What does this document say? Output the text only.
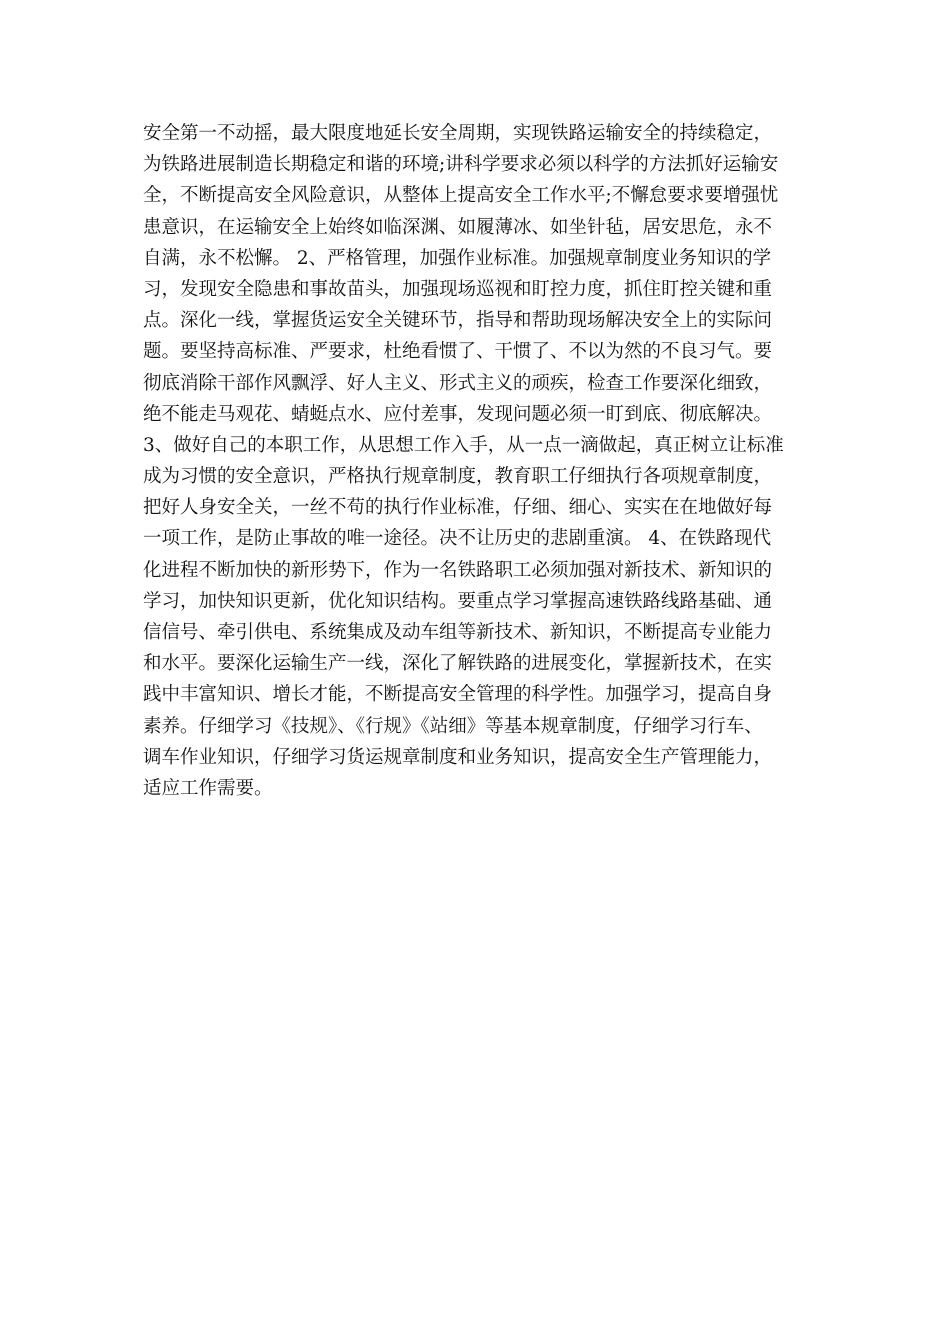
安全第一不动摇，最大限度地延长安全周期，实现铁路运输安全的持续稳定，
为铁路进展制造长期稳定和谐的环境;讲科学要求必须以科学的方法抓好运输安
全，不断提高安全风险意识，从整体上提高安全工作水平;不懈怠要求要增强忧
患意识，在运输安全上始终如临深渊、如履薄冰、如坐针毡，居安思危，永不
自满，永不松懈。 2、严格管理，加强作业标准。加强规章制度业务知识的学
习，发现安全隐患和事故苗头，加强现场巡视和盯控力度，抓住盯控关键和重
点。深化一线，掌握货运安全关键环节，指导和帮助现场解决安全上的实际问
题。要坚持高标准、严要求，杜绝看惯了、干惯了、不以为然的不良习气。要
彻底消除干部作风飘浮、好人主义、形式主义的顽疾，检查工作要深化细致，
绝不能走马观花、蜻蜓点水、应付差事，发现问题必须一盯到底、彻底解决。
3、做好自己的本职工作，从思想工作入手，从一点一滴做起，真正树立让标准
成为习惯的安全意识，严格执行规章制度，教育职工仔细执行各项规章制度，
把好人身安全关，一丝不苟的执行作业标准，仔细、细心、实实在在地做好每
一项工作，是防止事故的唯一途径。决不让历史的悲剧重演。 4、在铁路现代
化进程不断加快的新形势下，作为一名铁路职工必须加强对新技术、新知识的
学习，加快知识更新，优化知识结构。要重点学习掌握高速铁路线路基础、通
信信号、牵引供电、系统集成及动车组等新技术、新知识，不断提高专业能力
和水平。要深化运输生产一线，深化了解铁路的进展变化，掌握新技术，在实
践中丰富知识、增长才能，不断提高安全管理的科学性。加强学习，提高自身
素养。仔细学习《技规》、《行规》《站细》等基本规章制度，仔细学习行车、
调车作业知识，仔细学习货运规章制度和业务知识，提高安全生产管理能力，
适应工作需要。
